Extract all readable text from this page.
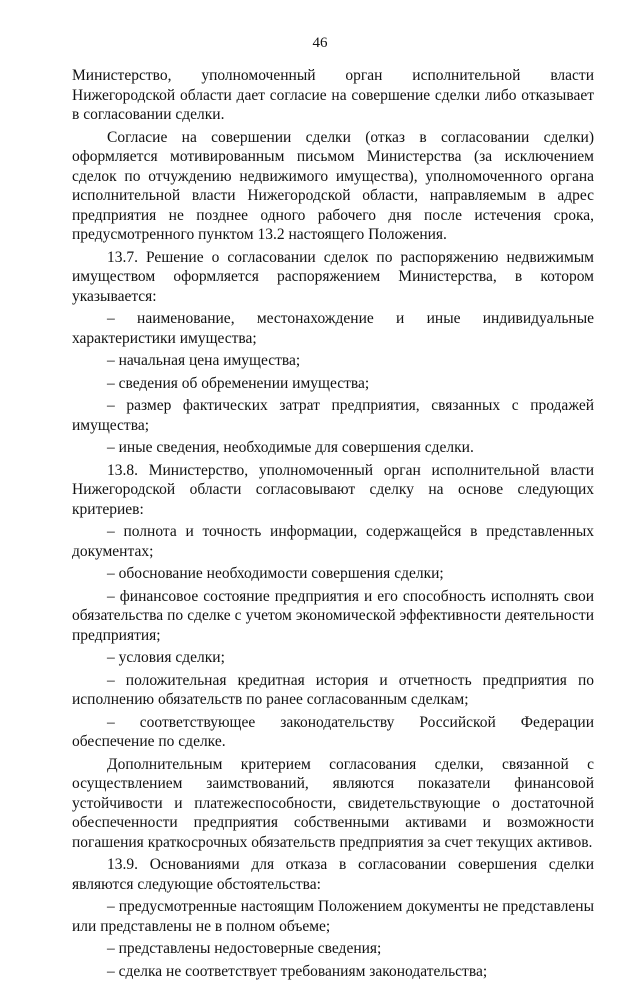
46

Министерство, уполномоченный орган исполнительной власти Нижегородской области дает согласие на совершение сделки либо отказывает в согласовании сделки.

Согласие на совершении сделки (отказ в согласовании сделки) оформляется мотивированным письмом Министерства (за исключением сделок по отчуждению недвижимого имущества), уполномоченного органа исполнительной власти Нижегородской области, направляемым в адрес предприятия не позднее одного рабочего дня после истечения срока, предусмотренного пунктом 13.2 настоящего Положения.

13.7. Решение о согласовании сделок по распоряжению недвижимым имуществом оформляется распоряжением Министерства, в котором указывается:

– наименование, местонахождение и иные индивидуальные характеристики имущества;

– начальная цена имущества;

– сведения об обременении имущества;

– размер фактических затрат предприятия, связанных с продажей имущества;

– иные сведения, необходимые для совершения сделки.

13.8. Министерство, уполномоченный орган исполнительной власти Нижегородской области согласовывают сделку на основе следующих критериев:

– полнота и точность информации, содержащейся в представленных документах;

– обоснование необходимости совершения сделки;

– финансовое состояние предприятия и его способность исполнять свои обязательства по сделке с учетом экономической эффективности деятельности предприятия;

– условия сделки;

– положительная кредитная история и отчетность предприятия по исполнению обязательств по ранее согласованным сделкам;

– соответствующее законодательству Российской Федерации обеспечение по сделке.

Дополнительным критерием согласования сделки, связанной с осуществлением заимствований, являются показатели финансовой устойчивости и платежеспособности, свидетельствующие о достаточной обеспеченности предприятия собственными активами и возможности погашения краткосрочных обязательств предприятия за счет текущих активов.

13.9. Основаниями для отказа в согласовании совершения сделки являются следующие обстоятельства:

– предусмотренные настоящим Положением документы не представлены или представлены не в полном объеме;

– представлены недостоверные сведения;

– сделка не соответствует требованиям законодательства;
